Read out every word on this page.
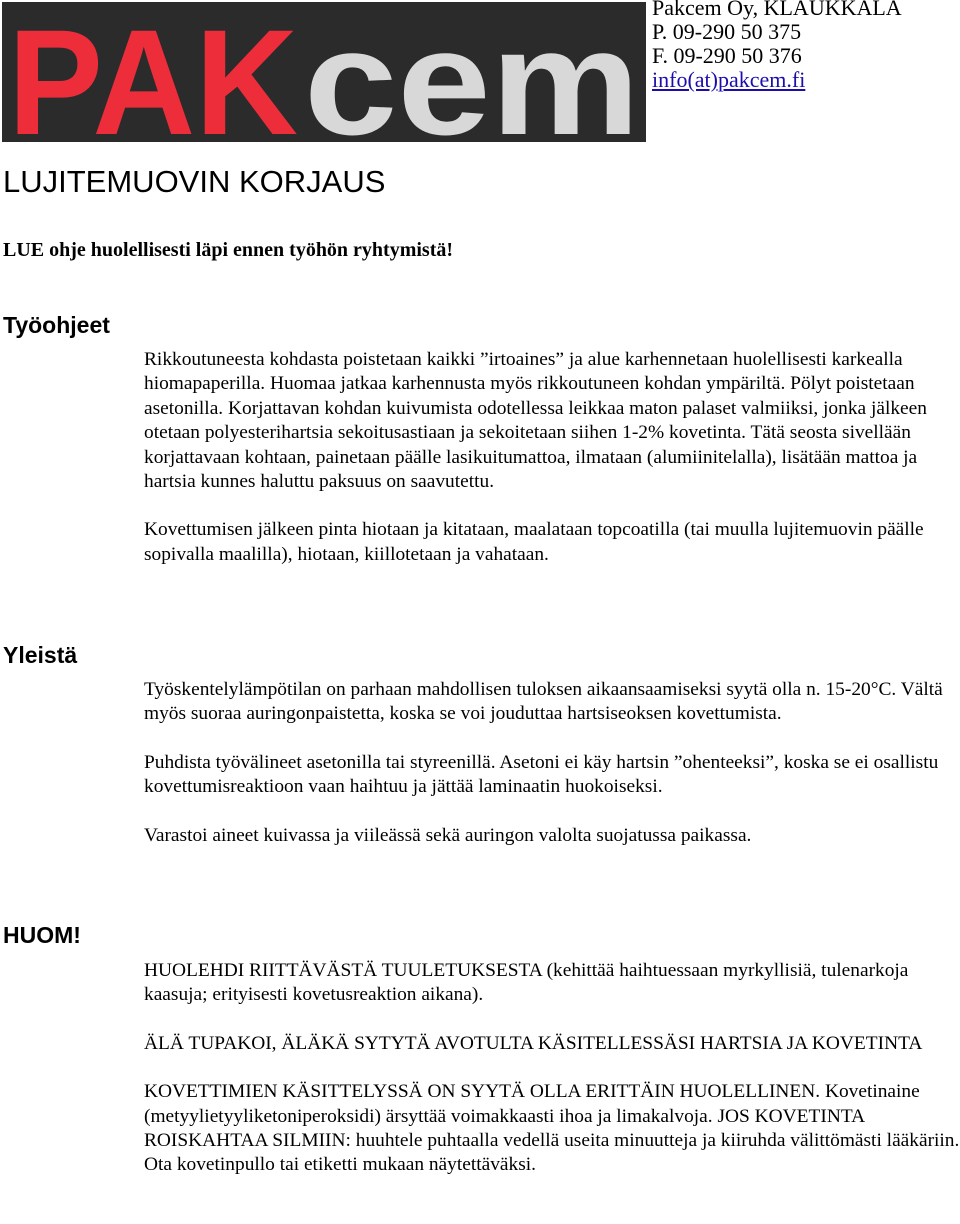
PAK cem Pakcem Oy, KLAUKKALA
P. 09-290 50 375
F. 09-290 50 376
info(at)pakcem.fi
LUJITEMUOVIN KORJAUS

LUE ohje huolellisesti läpi ennen työhön ryhtymistä!

Työohjeet

Rikkoutuneesta kohdasta poistetaan kaikki ”irtoaines” ja alue karhennetaan huolellisesti karkealla hiomapaperilla. Huomaa jatkaa karhennusta myös rikkoutuneen kohdan ympäriltä. Pölyt poistetaan asetonilla. Korjattavan kohdan kuivumista odotellessa leikkaa maton palaset valmiiksi, jonka jälkeen otetaan polyesterihartsia sekoitusastiaan ja sekoitetaan siihen 1-2% kovetinta. Tätä seosta sivellään korjattavaan kohtaan, painetaan päälle lasikuitumattoa, ilmataan (alumiinitelalla), lisätään mattoa ja hartsia kunnes haluttu paksuus on saavutettu.

Kovettumisen jälkeen pinta hiotaan ja kitataan, maalataan topcoatilla (tai muulla lujitemuovin päälle sopivalla maalilla), hiotaan, kiillotetaan ja vahataan.

Yleistä

Työskentelylämpötilan on parhaan mahdollisen tuloksen aikaansaamiseksi syytä olla n. 15-20°C. Vältä myös suoraa auringonpaistetta, koska se voi jouduttaa hartsiseoksen kovettumista.

Puhdista työvälineet asetonilla tai styreenillä. Asetoni ei käy hartsin ”ohenteeksi”, koska se ei osallistu kovettumisreaktioon vaan haihtuu ja jättää laminaatin huokoiseksi.

Varastoi aineet kuivassa ja viileässä sekä auringon valolta suojatussa paikassa.

HUOM!

HUOLEHDI RIITTÄVÄSTÄ TUULETUKSESTA (kehittää haihtuessaan myrkyllisiä, tulenarkoja kaasuja; erityisesti kovetusreaktion aikana).

ÄLÄ TUPAKOI, ÄLÄKÄ SYTYTÄ AVOTULTA KÄSITELLESSÄSI HARTSIA JA KOVETINTA

KOVETTIMIEN KÄSITTELYSSÄ ON SYYTÄ OLLA ERITTÄIN HUOLELLINEN. Kovetinaine (metyylietyyliketoniperoksidi) ärsyttää voimakkaasti ihoa ja limakalvoja. JOS KOVETINTA ROISKAHTAA SILMIIN: huuhtele puhtaalla vedellä useita minuutteja ja kiiruhda välittömästi lääkäriin. Ota kovetinpullo tai etiketti mukaan näytettäväksi.
